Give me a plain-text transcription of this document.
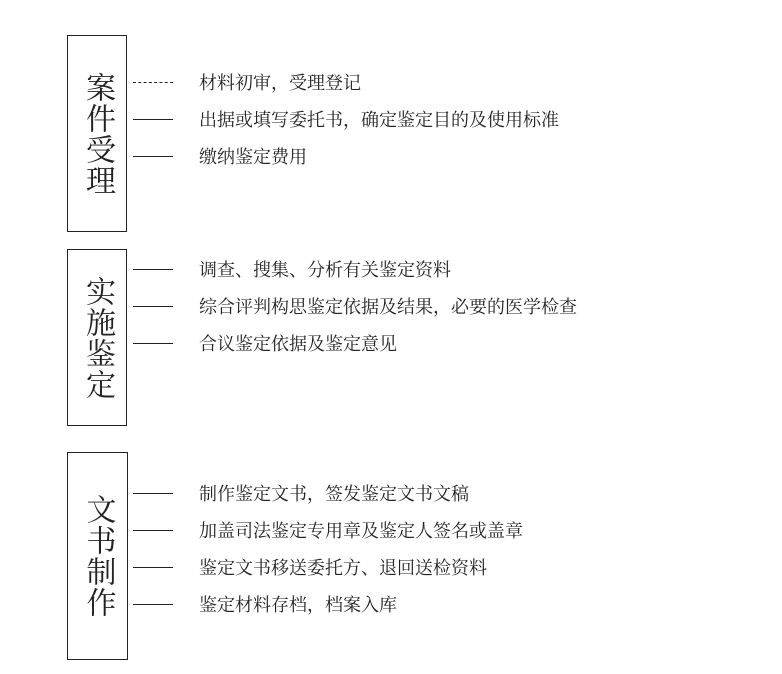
案件受理	材料初审，受理登记
出据或填写委托书，确定鉴定目的及使用标准
缴纳鉴定费用
实施鉴定
调查、搜集、分析有关鉴定资料
综合评判构思鉴定依据及结果，必要的医学检查
合议鉴定依据及鉴定意见
文书制作	制作鉴定文书，签发鉴定文书文稿
加盖司法鉴定专用章及鉴定人签名或盖章
鉴定文书移送委托方、退回送检资料
鉴定材料存档，档案入库
